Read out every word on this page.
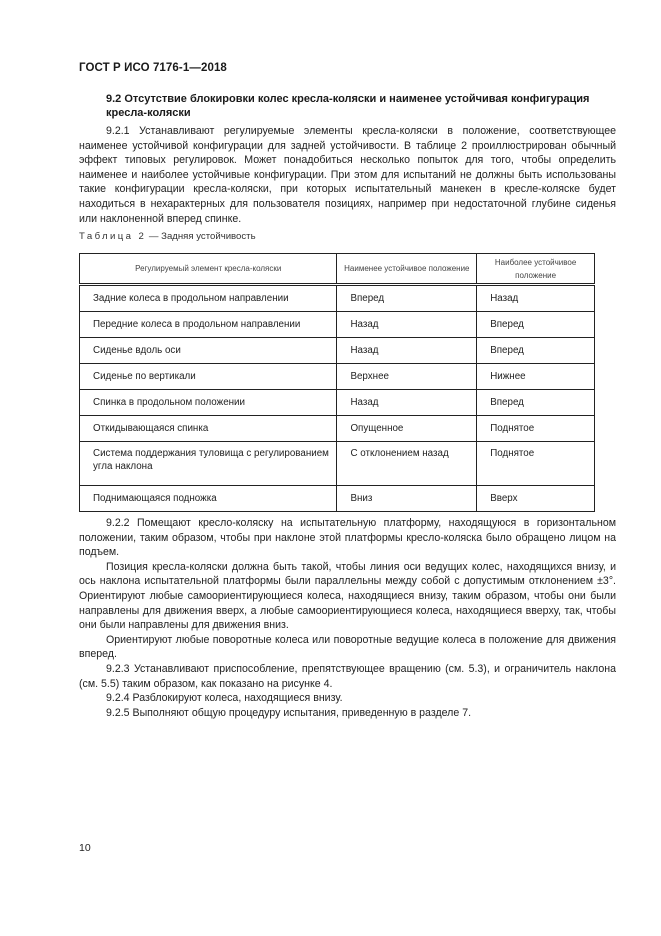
ГОСТ Р ИСО 7176-1—2018
9.2 Отсутствие блокировки колес кресла-коляски и наименее устойчивая конфигурация кресла-коляски

9.2.1 Устанавливают регулируемые элементы кресла-коляски в положение, соответствующее наименее устойчивой конфигурации для задней устойчивости. В таблице 2 проиллюстрирован обычный эффект типовых регулировок. Может понадобиться несколько попыток для того, чтобы определить наименее и наиболее устойчивые конфигурации. При этом для испытаний не должны быть использованы такие конфигурации кресла-коляски, при которых испытательный манекен в кресле-коляске будет находиться в нехарактерных для пользователя позициях, например при недостаточной глубине сиденья или наклоненной вперед спинке.

Таблица 2 — Задняя устойчивость
Регулируемый элемент кресла-коляски	Наименее устойчивое положение	Наиболее устойчивое положение
Задние колеса в продольном направлении	Вперед	Назад
Передние колеса в продольном направлении	Назад	Вперед
Сиденье вдоль оси	Назад	Вперед
Сиденье по вертикали	Верхнее	Нижнее
Спинка в продольном положении	Назад	Вперед
Откидывающаяся спинка	Опущенное	Поднятое
Система поддержания туловища с регулированием угла наклона	С отклонением назад	Поднятое
Поднимающаяся подножка	Вниз	Вверх

9.2.2 Помещают кресло-коляску на испытательную платформу, находящуюся в горизонтальном положении, таким образом, чтобы при наклоне этой платформы кресло-коляска было обращено лицом на подъем.

Позиция кресла-коляски должна быть такой, чтобы линия оси ведущих колес, находящихся внизу, и ось наклона испытательной платформы были параллельны между собой с допустимым отклонением ±3°. Ориентируют любые самоориентирующиеся колеса, находящиеся внизу, таким образом, чтобы они были направлены для движения вверх, а любые самоориентирующиеся колеса, находящиеся вверху, так, чтобы они были направлены для движения вниз.

Ориентируют любые поворотные колеса или поворотные ведущие колеса в положение для движения вперед.

9.2.3 Устанавливают приспособление, препятствующее вращению (см. 5.3), и ограничитель наклона (см. 5.5) таким образом, как показано на рисунке 4.

9.2.4 Разблокируют колеса, находящиеся внизу.

9.2.5 Выполняют общую процедуру испытания, приведенную в разделе 7.

10
